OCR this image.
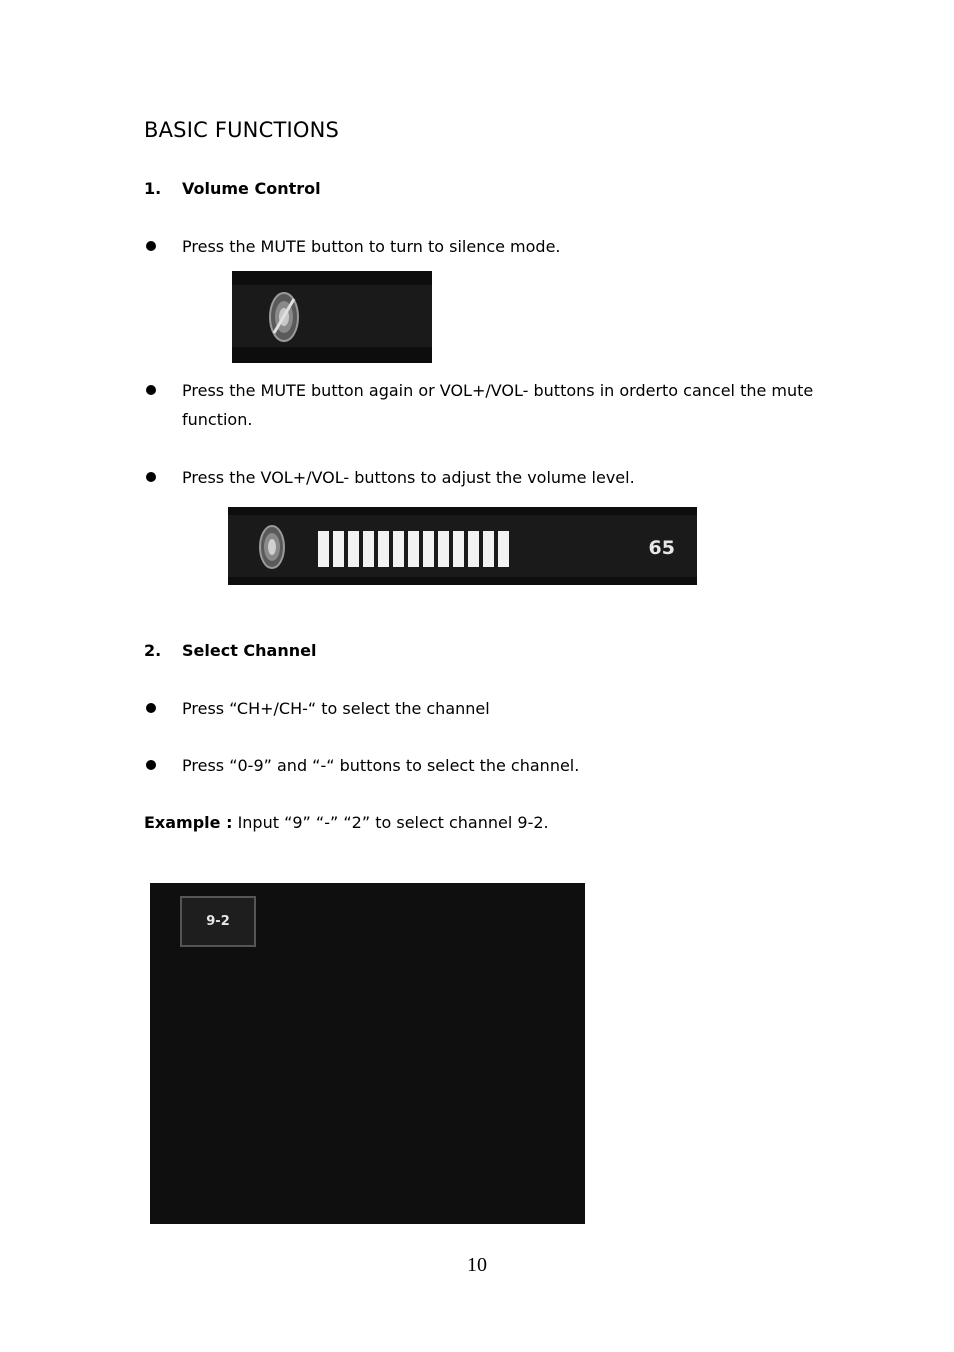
BASIC FUNCTIONS
1. Volume Control
Press the MUTE button to turn to silence mode.
Press the MUTE button again or VOL+/VOL- buttons in orderto cancel the mute function.
Press the VOL+/VOL- buttons to adjust the volume level.
65
2. Select Channel
Press “CH+/CH-“ to select the channel
Press “0-9” and “-“ buttons to select the channel.
Example : Input “9” “-” “2” to select channel 9-2.
9-2
10
